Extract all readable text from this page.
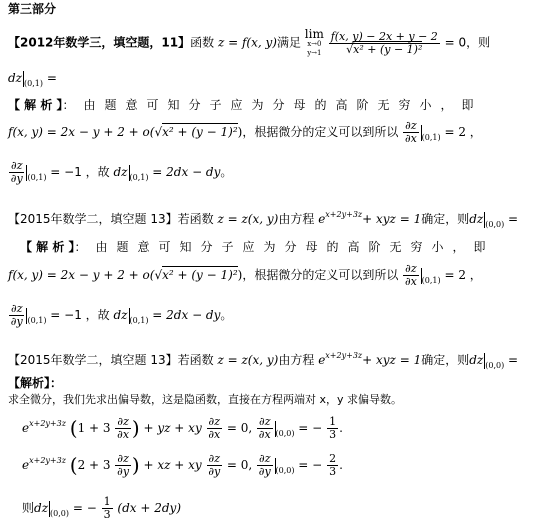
第三部分
【2012年数学三，填空题，11】函数 z = f(x, y)满足
lim
x→0
y→1
$\frac{f(x, y) - 2x + y - 2}{\text{√x² + (y − 1)²}} = 0$，则
dz $_{(0,1)}$ =
【 解 析 】：由题意可知分子应为分母的高阶无穷小，即
f(x, y) = 2x − y + 2 + o(√x² + (y − 1)²)，根据微分的定义可以到所以 $\frac{\partial z}{\partial x} _{(0,1)} = 2$ ，
$\frac{\partial z}{\partial y} _{(0,1)} = -1$ ，故 dz $_{(0,1)}$ = 2dx − dy。
【2015年数学二，填空题 13】若函数 z = z(x, y)由方程 $e^{x+2y+3z}+$ xyz = 1确定，则dz $_{(0,0)}$ =
【 解 析 】：由题意可知分子应为分母的高阶无穷小，即
f(x, y) = 2x − y + 2 + o(√x² + (y − 1)²)，根据微分的定义可以到所以 $\frac{\partial z}{\partial x} _{(0,1)} = 2$ ，
$\frac{\partial z}{\partial y} _{(0,1)} = -1$ ，故 dz $_{(0,1)}$ = 2dx − dy。
【2015年数学二，填空题 13】若函数 z = z(x, y)由方程 $e^{x+2y+3z}+$ xyz = 1确定，则dz $_{(0,0)}$ =
【解析】：
求全微分，我们先求出偏导数，这是隐函数，直接在方程两端对 x，y 求偏导数。
$e^{x+2y+3z}$ ($1 + 3 \frac{\partial z}{\partial x}$ ) + yz + xy $\frac{\partial z}{\partial x} = 0$, $\frac{\partial z}{\partial x} _{(0,0)}$ = − $\frac{1}{3}$ .
$e^{x+2y+3z}$ ($2 + 3 \frac{\partial z}{\partial y}$ ) + xz + xy $\frac{\partial z}{\partial y} = 0$, $\frac{\partial z}{\partial y} _{(0,0)}$ = − $\frac{2}{3}$ .
则dz $_{(0,0)}$ = − $\frac{1}{3} (dx + 2dy)$
